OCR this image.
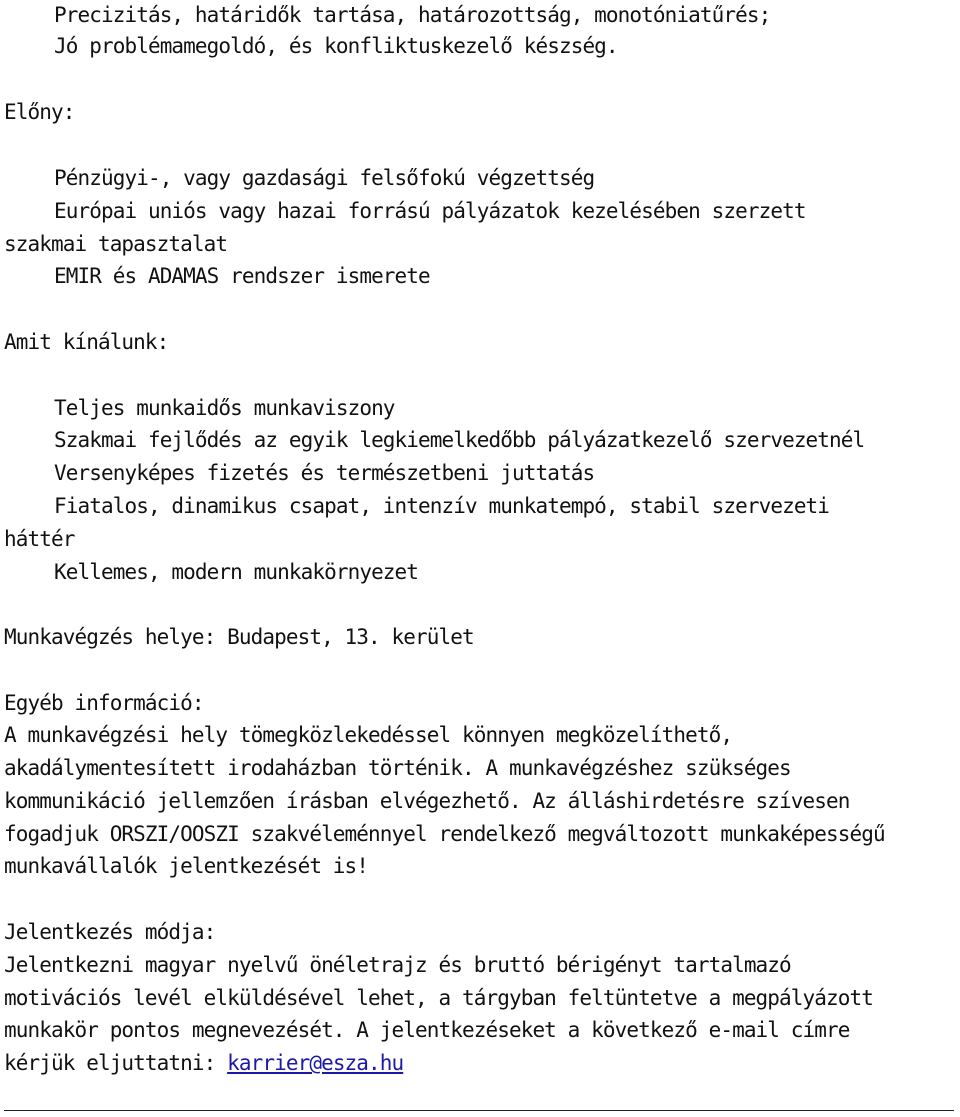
Precizitás, határidők tartása, határozottság, monotóniatűrés;
Jó problémamegoldó, és konfliktuskezelő készség.
Előny:
Pénzügyi-, vagy gazdasági felsőfokú végzettség
Európai uniós vagy hazai forrású pályázatok kezelésében szerzett
szakmai tapasztalat
EMIR és ADAMAS rendszer ismerete
Amit kínálunk:
Teljes munkaidős munkaviszony
Szakmai fejlődés az egyik legkiemelkedőbb pályázatkezelő szervezetnél
Versenyképes fizetés és természetbeni juttatás
Fiatalos, dinamikus csapat, intenzív munkatempó, stabil szervezeti
háttér
Kellemes, modern munkakörnyezet
Munkavégzés helye: Budapest, 13. kerület
Egyéb információ:
A munkavégzési hely tömegközlekedéssel könnyen megközelíthető,
akadálymentesített irodaházban történik. A munkavégzéshez szükséges
kommunikáció jellemzően írásban elvégezhető. Az álláshirdetésre szívesen
fogadjuk ORSZI/OOSZI szakvéleménnyel rendelkező megváltozott munkaképességű
munkavállalók jelentkezését is!
Jelentkezés módja:
Jelentkezni magyar nyelvű önéletrajz és bruttó bérigényt tartalmazó
motivációs levél elküldésével lehet, a tárgyban feltüntetve a megpályázott
munkakör pontos megnevezését. A jelentkezéseket a következő e-mail címre
kérjük eljuttatni: karrier@esza.hu
